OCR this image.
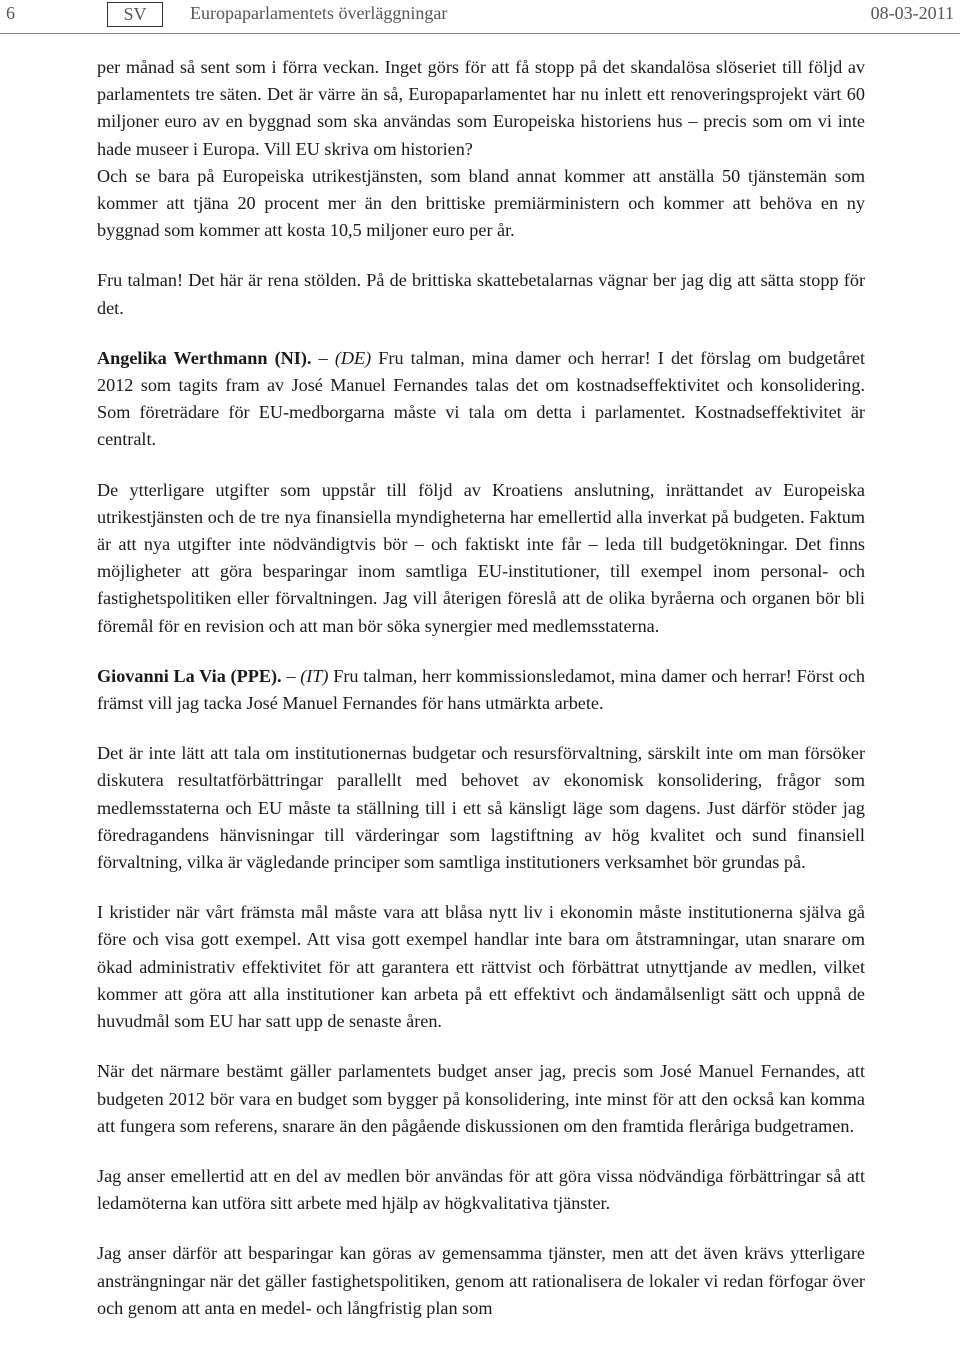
6	SV	Europaparlamentets överläggningar	08-03-2011

per månad så sent som i förra veckan. Inget görs för att få stopp på det skandalösa slöseriet till följd av parlamentets tre säten. Det är värre än så, Europaparlamentet har nu inlett ett renoveringsprojekt värt 60 miljoner euro av en byggnad som ska användas som Europeiska historiens hus – precis som om vi inte hade museer i Europa. Vill EU skriva om historien?

Och se bara på Europeiska utrikestjänsten, som bland annat kommer att anställa 50 tjänstemän som kommer att tjäna 20 procent mer än den brittiske premiärministern och kommer att behöva en ny byggnad som kommer att kosta 10,5 miljoner euro per år.

Fru talman! Det här är rena stölden. På de brittiska skattebetalarnas vägnar ber jag dig att sätta stopp för det.

Angelika Werthmann (NI). – (DE) Fru talman, mina damer och herrar! I det förslag om budgetåret 2012 som tagits fram av José Manuel Fernandes talas det om kostnadseffektivitet och konsolidering. Som företrädare för EU-medborgarna måste vi tala om detta i parlamentet. Kostnadseffektivitet är centralt.

De ytterligare utgifter som uppstår till följd av Kroatiens anslutning, inrättandet av Europeiska utrikestjänsten och de tre nya finansiella myndigheterna har emellertid alla inverkat på budgeten. Faktum är att nya utgifter inte nödvändigtvis bör – och faktiskt inte får – leda till budgetökningar. Det finns möjligheter att göra besparingar inom samtliga EU-institutioner, till exempel inom personal- och fastighetspolitiken eller förvaltningen. Jag vill återigen föreslå att de olika byråerna och organen bör bli föremål för en revision och att man bör söka synergier med medlemsstaterna.

Giovanni La Via (PPE). – (IT) Fru talman, herr kommissionsledamot, mina damer och herrar! Först och främst vill jag tacka José Manuel Fernandes för hans utmärkta arbete.

Det är inte lätt att tala om institutionernas budgetar och resursförvaltning, särskilt inte om man försöker diskutera resultatförbättringar parallellt med behovet av ekonomisk konsolidering, frågor som medlemsstaterna och EU måste ta ställning till i ett så känsligt läge som dagens. Just därför stöder jag föredragandens hänvisningar till värderingar som lagstiftning av hög kvalitet och sund finansiell förvaltning, vilka är vägledande principer som samtliga institutioners verksamhet bör grundas på.

I kristider när vårt främsta mål måste vara att blåsa nytt liv i ekonomin måste institutionerna själva gå före och visa gott exempel. Att visa gott exempel handlar inte bara om åtstramningar, utan snarare om ökad administrativ effektivitet för att garantera ett rättvist och förbättrat utnyttjande av medlen, vilket kommer att göra att alla institutioner kan arbeta på ett effektivt och ändamålsenligt sätt och uppnå de huvudmål som EU har satt upp de senaste åren.

När det närmare bestämt gäller parlamentets budget anser jag, precis som José Manuel Fernandes, att budgeten 2012 bör vara en budget som bygger på konsolidering, inte minst för att den också kan komma att fungera som referens, snarare än den pågående diskussionen om den framtida fleråriga budgetramen.

Jag anser emellertid att en del av medlen bör användas för att göra vissa nödvändiga förbättringar så att ledamöterna kan utföra sitt arbete med hjälp av högkvalitativa tjänster.

Jag anser därför att besparingar kan göras av gemensamma tjänster, men att det även krävs ytterligare ansträngningar när det gäller fastighetspolitiken, genom att rationalisera de lokaler vi redan förfogar över och genom att anta en medel- och långfristig plan som
